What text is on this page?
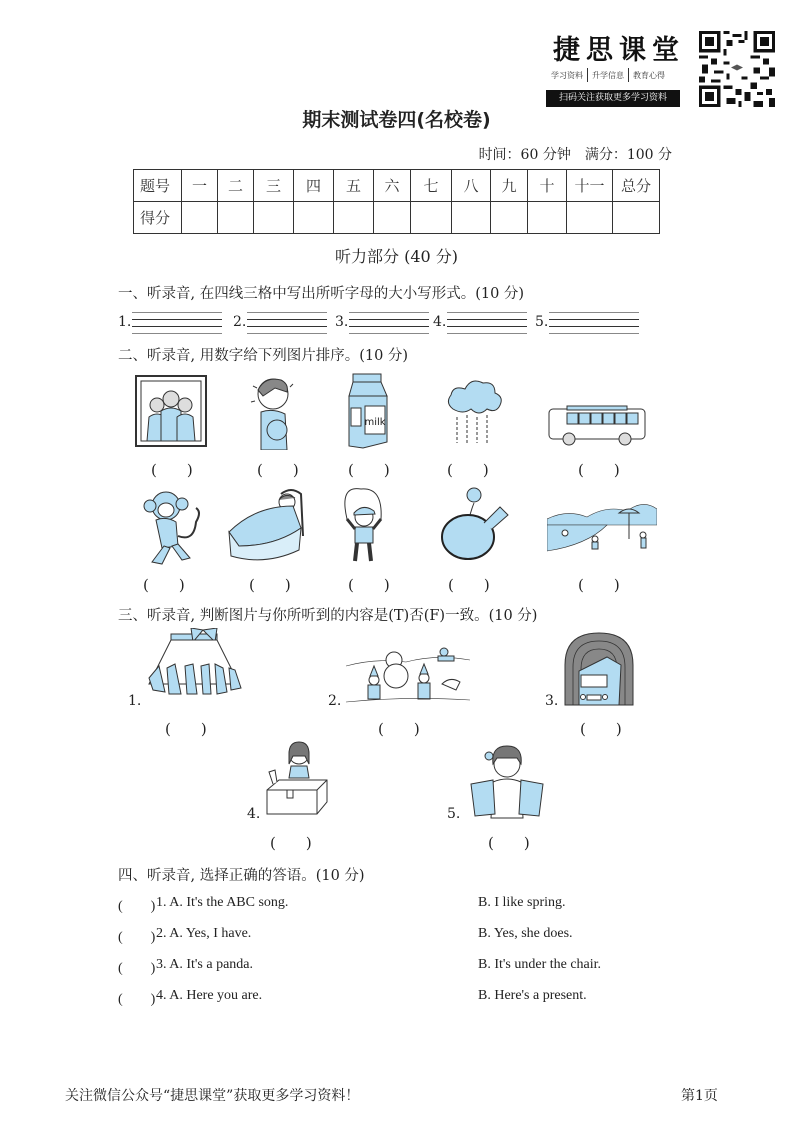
捷思课堂
学习资料	升学信息	教育心得
扫码关注获取更多学习资料
期末测试卷四(名校卷)
时间：60 分钟　满分：100 分
题号	一	二	三	四	五	六	七	八	九	十	十一	总分
得分												
听力部分 (40 分)
一、听录音, 在四线三格中写出所听字母的大小写形式。(10 分)
1.	2.	3.	4.	5.
二、听录音, 用数字给下列图片排序。(10 分)
milk
(　　)	(　　)	(　　)	(　　)	(　　)
(　　)	(　　)	(　　)	(　　)	(　　)
三、听录音, 判断图片与你所听到的内容是(T)否(F)一致。(10 分)
1.
(　　)
2.
(　　)
3.
(　　)
4.
(　　)
5.
(　　)
四、听录音, 选择正确的答语。(10 分)
(　　) 1. A. It's the ABC song.	B. I like spring.
(　　) 2. A. Yes, I have.	B. Yes, she does.
(　　) 3. A. It's a panda.	B. It's under the chair.
(　　) 4. A. Here you are.	B. Here's a present.
关注微信公众号“捷思课堂”获取更多学习资料！	第1页
